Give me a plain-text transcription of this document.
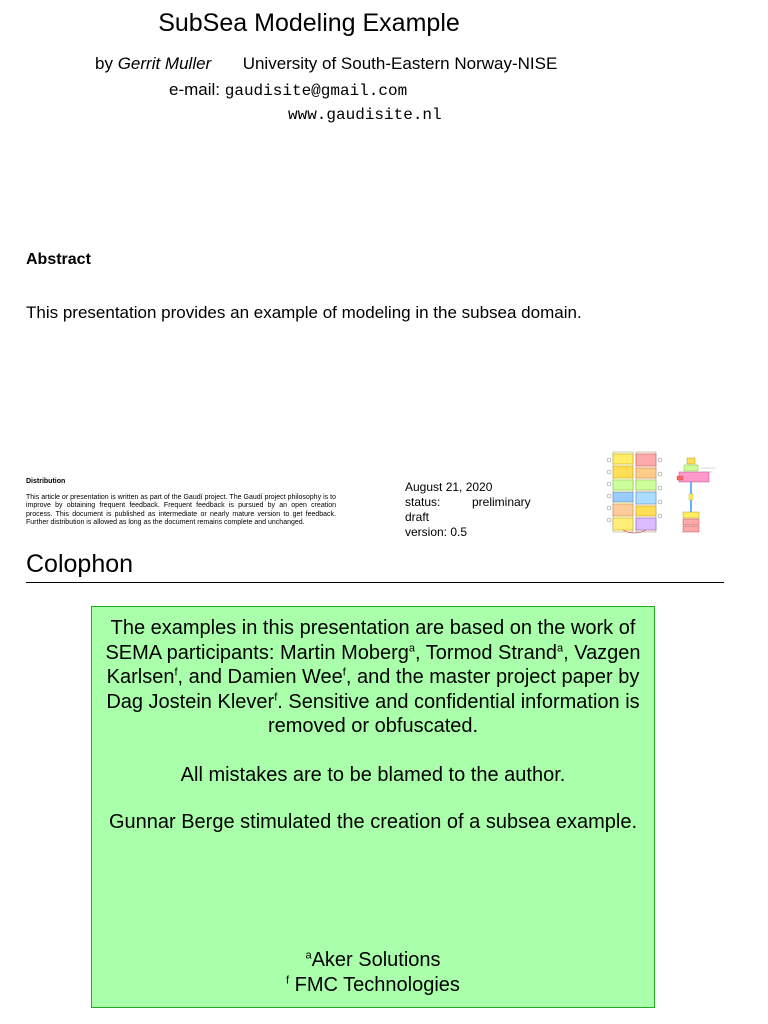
SubSea Modeling Example
by Gerrit Muller University of South-Eastern Norway-NISE
e-mail: gaudisite@gmail.com
www.gaudisite.nl
Abstract
This presentation provides an example of modeling in the subsea domain.
Distribution
This article or presentation is written as part of the Gaudí project. The Gaudí project philosophy is to improve by obtaining frequent feedback. Frequent feedback is pursued by an open creation process. This document is published as intermediate or nearly mature version to get feedback. Further distribution is allowed as long as the document remains complete and unchanged.
August 21, 2020
status:	preliminary
draft
version: 0.5
Colophon

The examples in this presentation are based on the work of SEMA participants: Martin Moberg$^a$, Tormod Strand$^a$, Vazgen Karlsen$^f$, and Damien Wee$^f$, and the master project paper by Dag Jostein Klever$^f$. Sensitive and confidential information is removed or obfuscated.

All mistakes are to be blamed to the author.

Gunnar Berge stimulated the creation of a subsea example.

$^a$Aker Solutions
$^f$ FMC Technologies
